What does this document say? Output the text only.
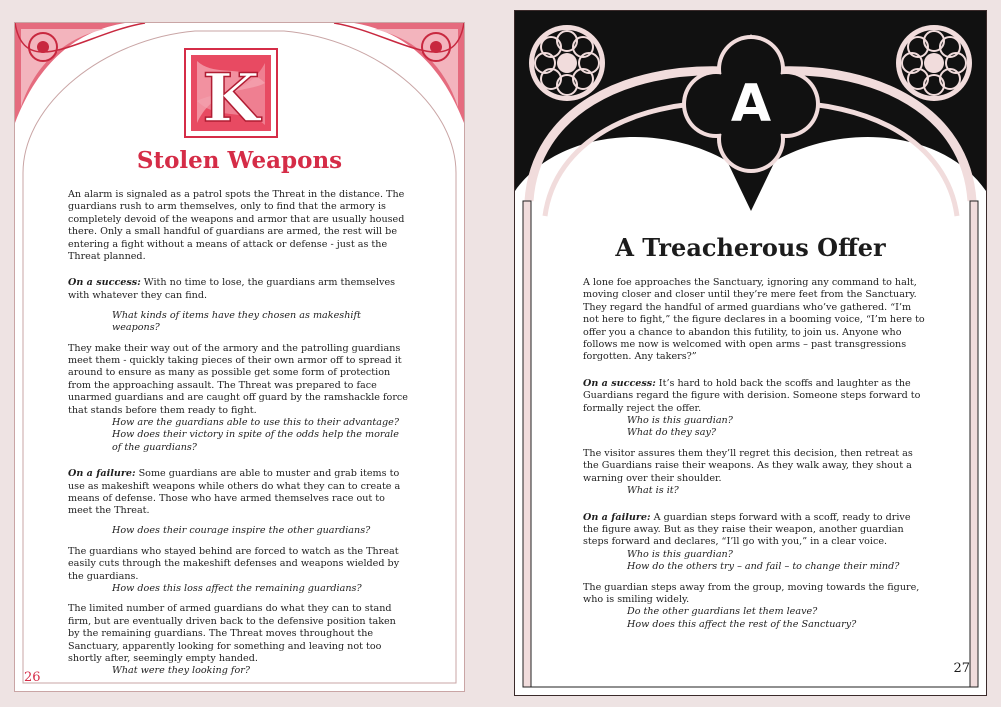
K
Stolen Weapons

An alarm is signaled as a patrol spots the Threat in the distance. The guardians rush to arm themselves, only to find that the armory is completely devoid of the weapons and armor that are usually housed there. Only a small handful of guardians are armed, the rest will be entering a fight without a means of attack or defense - just as the Threat planned.

On a success: With no time to lose, the guardians arm themselves with whatever they can find.

What kinds of items have they chosen as makeshift weapons?

They make their way out of the armory and the patrolling guardians meet them - quickly taking pieces of their own armor off to spread it around to ensure as many as possible get some form of protection from the approaching assault. The Threat was prepared to face unarmed guardians and are caught off guard by the ramshackle force that stands before them ready to fight.

How are the guardians able to use this to their advantage?

How does their victory in spite of the odds help the morale of the guardians?

On a failure: Some guardians are able to muster and grab items to use as makeshift weapons while others do what they can to create a means of defense. Those who have armed themselves race out to meet the Threat.

How does their courage inspire the other guardians?

The guardians who stayed behind are forced to watch as the Threat easily cuts through the makeshift defenses and weapons wielded by the guardians.

How does this loss affect the remaining guardians?

The limited number of armed guardians do what they can to stand firm, but are eventually driven back to the defensive position taken by the remaining guardians. The Threat moves throughout the Sanctuary, apparently looking for something and leaving not too shortly after, seemingly empty handed.

What were they looking for?

26
A
A Treacherous Offer

A lone foe approaches the Sanctuary, ignoring any command to halt, moving closer and closer until they’re mere feet from the Sanctuary. They regard the handful of armed guardians who’ve gathered. “I’m not here to fight,” the figure declares in a booming voice, “I’m here to offer you a chance to abandon this futility, to join us. Anyone who follows me now is welcomed with open arms – past transgressions forgotten. Any takers?”

On a success: It’s hard to hold back the scoffs and laughter as the Guardians regard the figure with derision. Someone steps forward to formally reject the offer.

Who is this guardian?

What do they say?

The visitor assures them they’ll regret this decision, then retreat as the Guardians raise their weapons. As they walk away, they shout a warning over their shoulder.

What is it?

On a failure: A guardian steps forward with a scoff, ready to drive the figure away. But as they raise their weapon, another guardian steps forward and declares, “I’ll go with you,” in a clear voice.

Who is this guardian?

How do the others try – and fail – to change their mind?

The guardian steps away from the group, moving towards the figure, who is smiling widely.

Do the other guardians let them leave?

How does this affect the rest of the Sanctuary?

27
